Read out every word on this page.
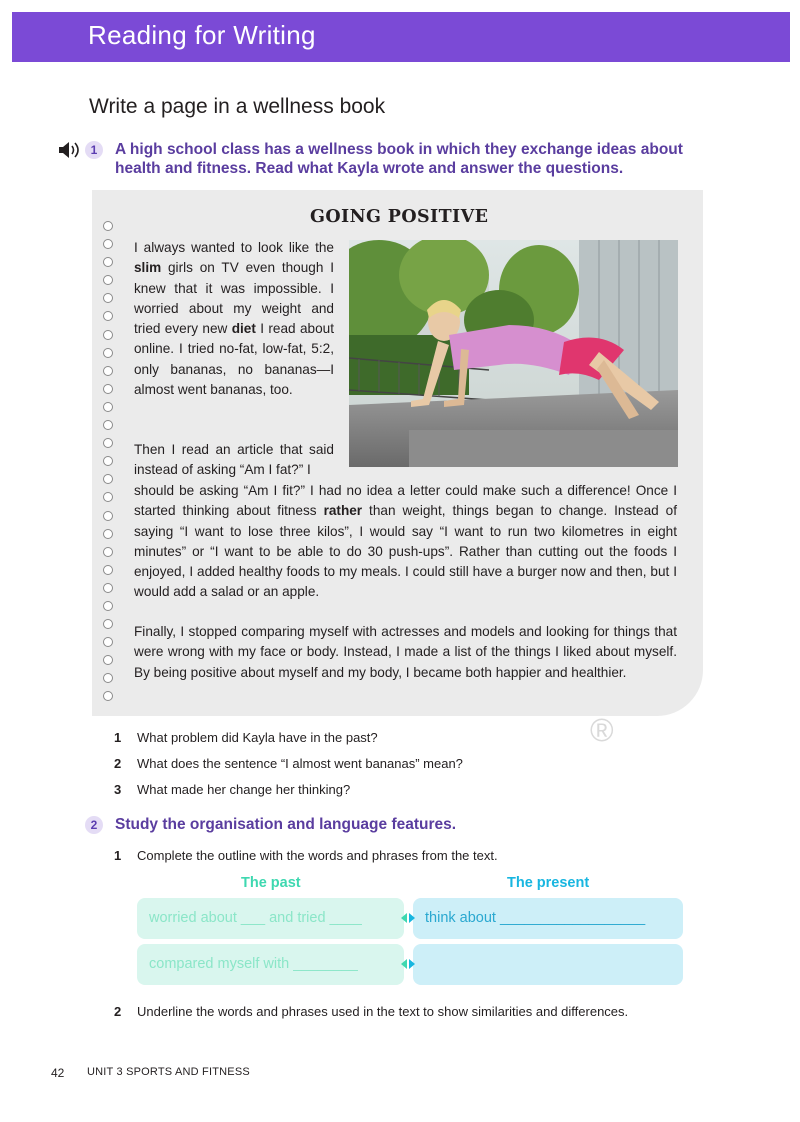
Reading for Writing
Write a page in a wellness book
1	A high school class has a wellness book in which they exchange ideas about
health and fitness. Read what Kayla wrote and answer the questions.
GOING POSITIVE
I always wanted to look like the slim girls on TV even though I knew that it was impossible. I worried about my weight and tried every new diet I read about online. I tried no-fat, low-fat, 5:2, only bananas, no bananas—I almost went bananas, too.
Then I read an article that said instead of asking “Am I fat?” I
should be asking “Am I fit?” I had no idea a letter could make such a difference! Once I started thinking about fitness rather than weight, things began to change. Instead of saying “I want to lose three kilos”, I would say “I want to run two kilometres in eight minutes” or “I want to be able to do 30 push-ups”. Rather than cutting out the foods I enjoyed, I added healthy foods to my meals. I could still have a burger now and then, but I would add a salad or an apple.
Finally, I stopped comparing myself with actresses and models and looking for things that were wrong with my face or body. Instead, I made a list of the things I liked about myself. By being positive about myself and my body, I became both happier and healthier.
1 What problem did Kayla have in the past?
2 What does the sentence “I almost went bananas” mean?
3 What made her change her thinking?
®
2	Study the organisation and language features.
1 Complete the outline with the words and phrases from the text.
The past	The present
worried about ___ and tried ____	think about __________________
compared myself with ________
2 Underline the words and phrases used in the text to show similarities and differences.
42 UNIT 3 SPORTS AND FITNESS
